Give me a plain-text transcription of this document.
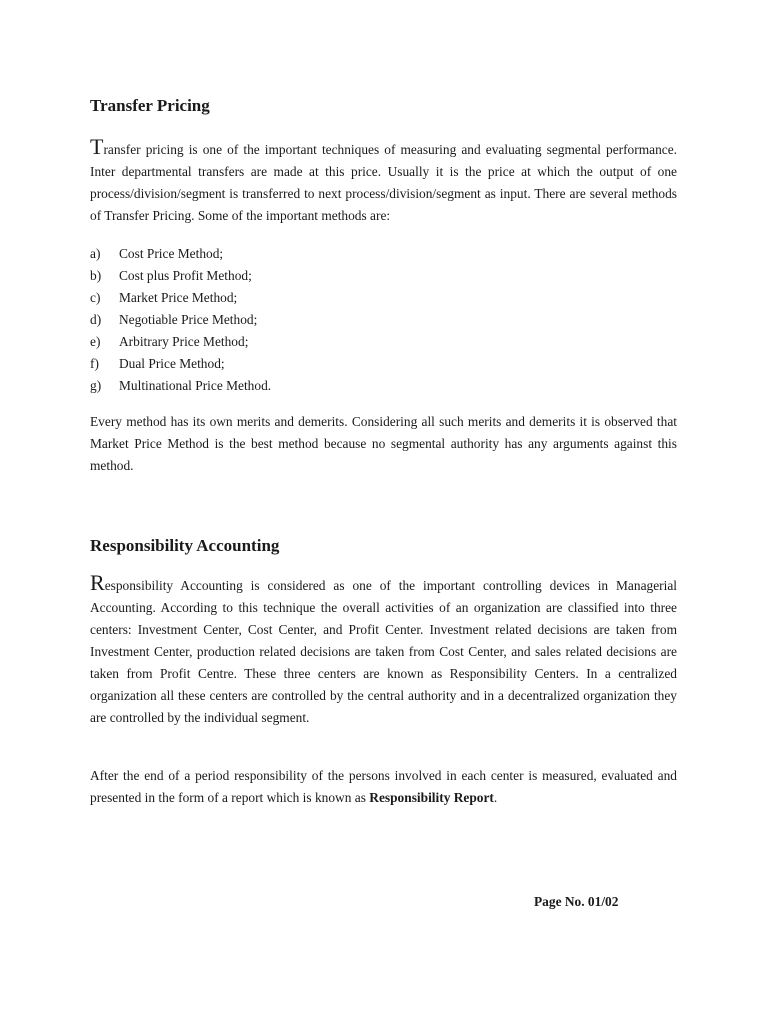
Transfer Pricing

Transfer pricing is one of the important techniques of measuring and evaluating segmental performance. Inter departmental transfers are made at this price. Usually it is the price at which the output of one process/division/segment is transferred to next process/division/segment as input. There are several methods of Transfer Pricing. Some of the important methods are:

a)	Cost Price Method;
b)	Cost plus Profit Method;
c)	Market Price Method;
d)	Negotiable Price Method;
e)	Arbitrary Price Method;
f)	Dual Price Method;
g)	Multinational Price Method.

Every method has its own merits and demerits. Considering all such merits and demerits it is observed that Market Price Method is the best method because no segmental authority has any arguments against this method.

Responsibility Accounting

Responsibility Accounting is considered as one of the important controlling devices in Managerial Accounting. According to this technique the overall activities of an organization are classified into three centers: Investment Center, Cost Center, and Profit Center. Investment related decisions are taken from Investment Center, production related decisions are taken from Cost Center, and sales related decisions are taken from Profit Centre. These three centers are known as Responsibility Centers. In a centralized organization all these centers are controlled by the central authority and in a decentralized organization they are controlled by the individual segment.

After the end of a period responsibility of the persons involved in each center is measured, evaluated and presented in the form of a report which is known as Responsibility Report.

Page No. 01/02
